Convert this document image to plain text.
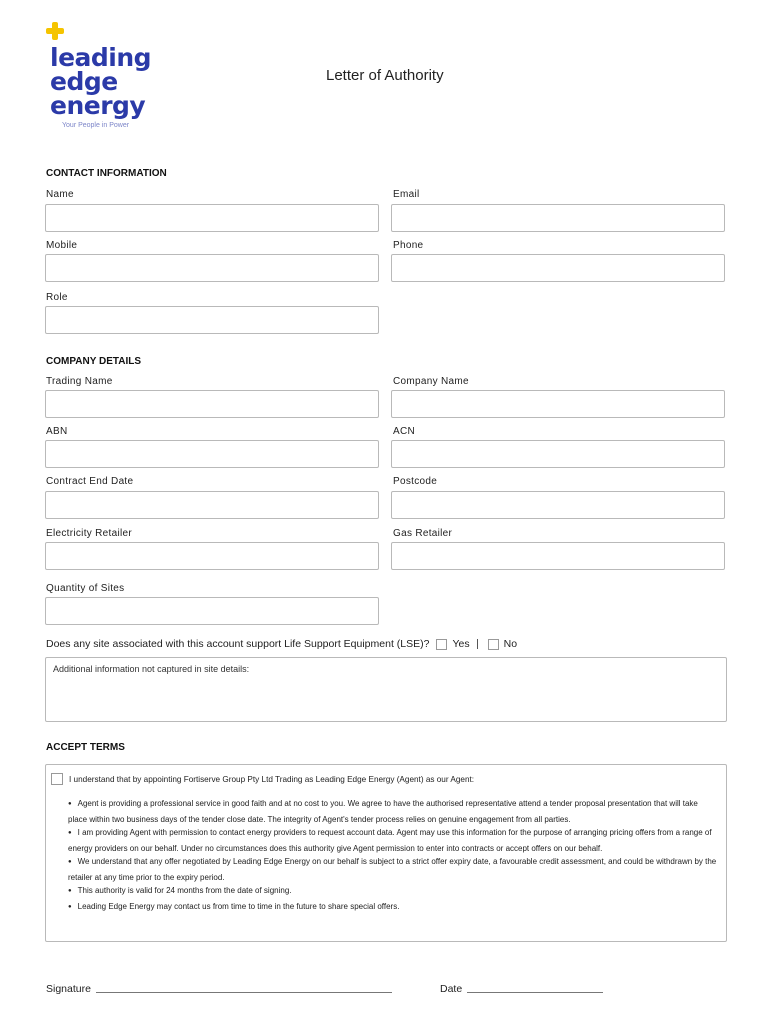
leading
edge
energy
Your People in Power
Letter of Authority
CONTACT INFORMATION
Name	Email
Mobile	Phone
Role
COMPANY DETAILS
Trading Name	Company Name
ABN	ACN
Contract End Date	Postcode
Electricity Retailer	Gas Retailer
Quantity of Sites
Does any site associated with this account support Life Support Equipment (LSE)? Yes	No
Additional information not captured in site details:
ACCEPT TERMS
I understand that by appointing Fortiserve Group Pty Ltd Trading as Leading Edge Energy (Agent) as our Agent:
● Agent is providing a professional service in good faith and at no cost to you. We agree to have the authorised representative attend a tender proposal presentation that will take place within two business days of the tender close date. The integrity of Agent's tender process relies on genuine engagement from all parties.
● I am providing Agent with permission to contact energy providers to request account data. Agent may use this information for the purpose of arranging pricing offers from a range of energy providers on our behalf. Under no circumstances does this authority give Agent permission to enter into contracts or accept offers on our behalf.
● We understand that any offer negotiated by Leading Edge Energy on our behalf is subject to a strict offer expiry date, a favourable credit assessment, and could be withdrawn by the retailer at any time prior to the expiry period.
● This authority is valid for 24 months from the date of signing.
● Leading Edge Energy may contact us from time to time in the future to share special offers.
Signature	Date
